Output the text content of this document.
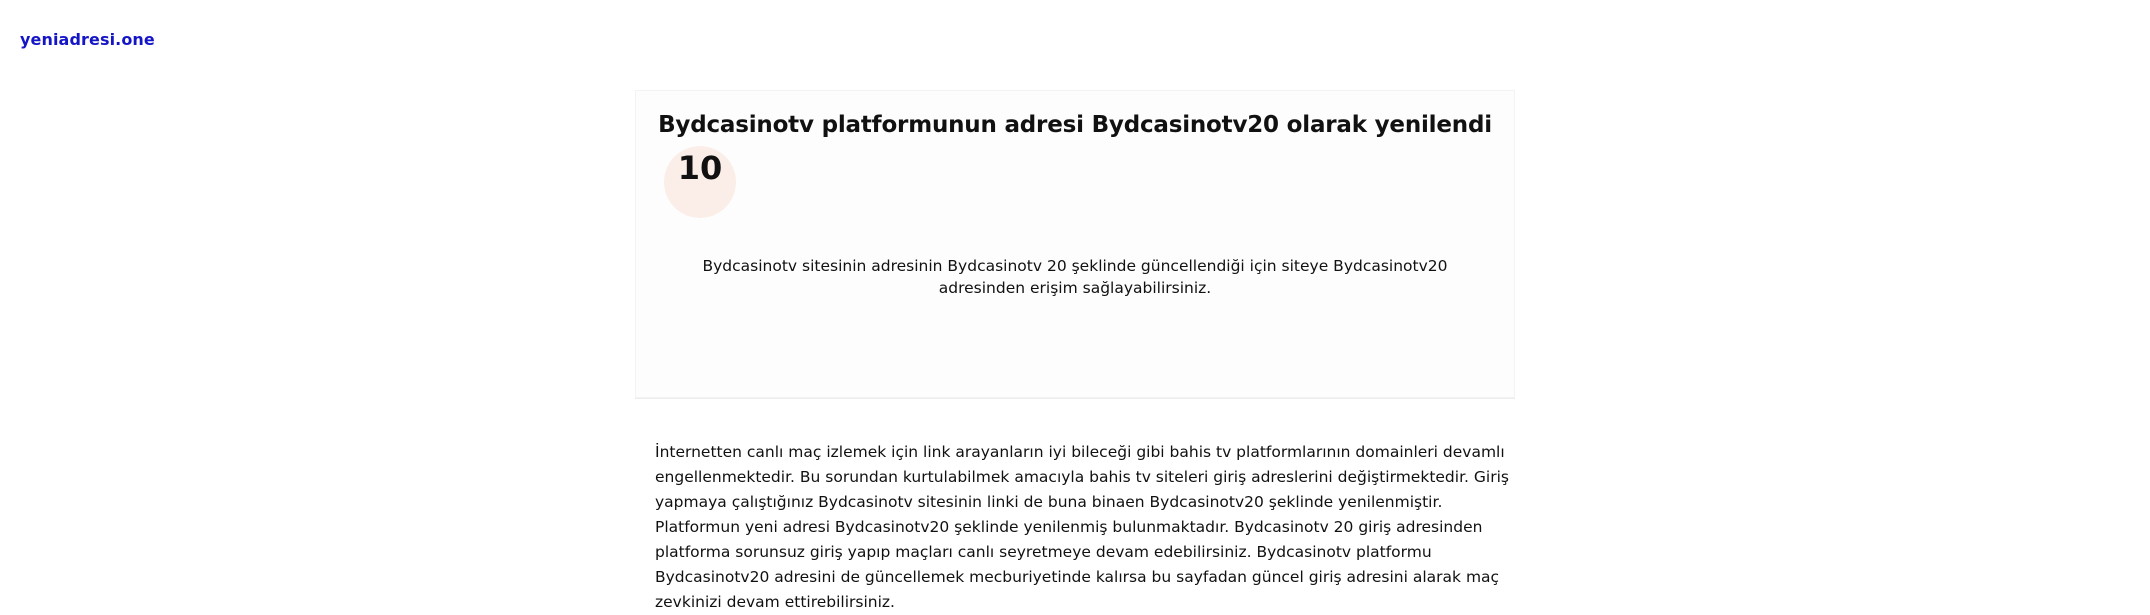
yeniadresi.one
Bydcasinotv platformunun adresi Bydcasinotv20 olarak yenilendi
10

Bydcasinotv sitesinin adresinin Bydcasinotv 20 şeklinde güncellendiği için siteye Bydcasinotv20 adresinden erişim sağlayabilirsiniz.

İnternetten canlı maç izlemek için link arayanların iyi bileceği gibi bahis tv platformlarının domainleri devamlı engellenmektedir. Bu sorundan kurtulabilmek amacıyla bahis tv siteleri giriş adreslerini değiştirmektedir. Giriş yapmaya çalıştığınız Bydcasinotv sitesinin linki de buna binaen Bydcasinotv20 şeklinde yenilenmiştir. Platformun yeni adresi Bydcasinotv20 şeklinde yenilenmiş bulunmaktadır. Bydcasinotv 20 giriş adresinden platforma sorunsuz giriş yapıp maçları canlı seyretmeye devam edebilirsiniz. Bydcasinotv platformu Bydcasinotv20 adresini de güncellemek mecburiyetinde kalırsa bu sayfadan güncel giriş adresini alarak maç zevkinizi devam ettirebilirsiniz.
